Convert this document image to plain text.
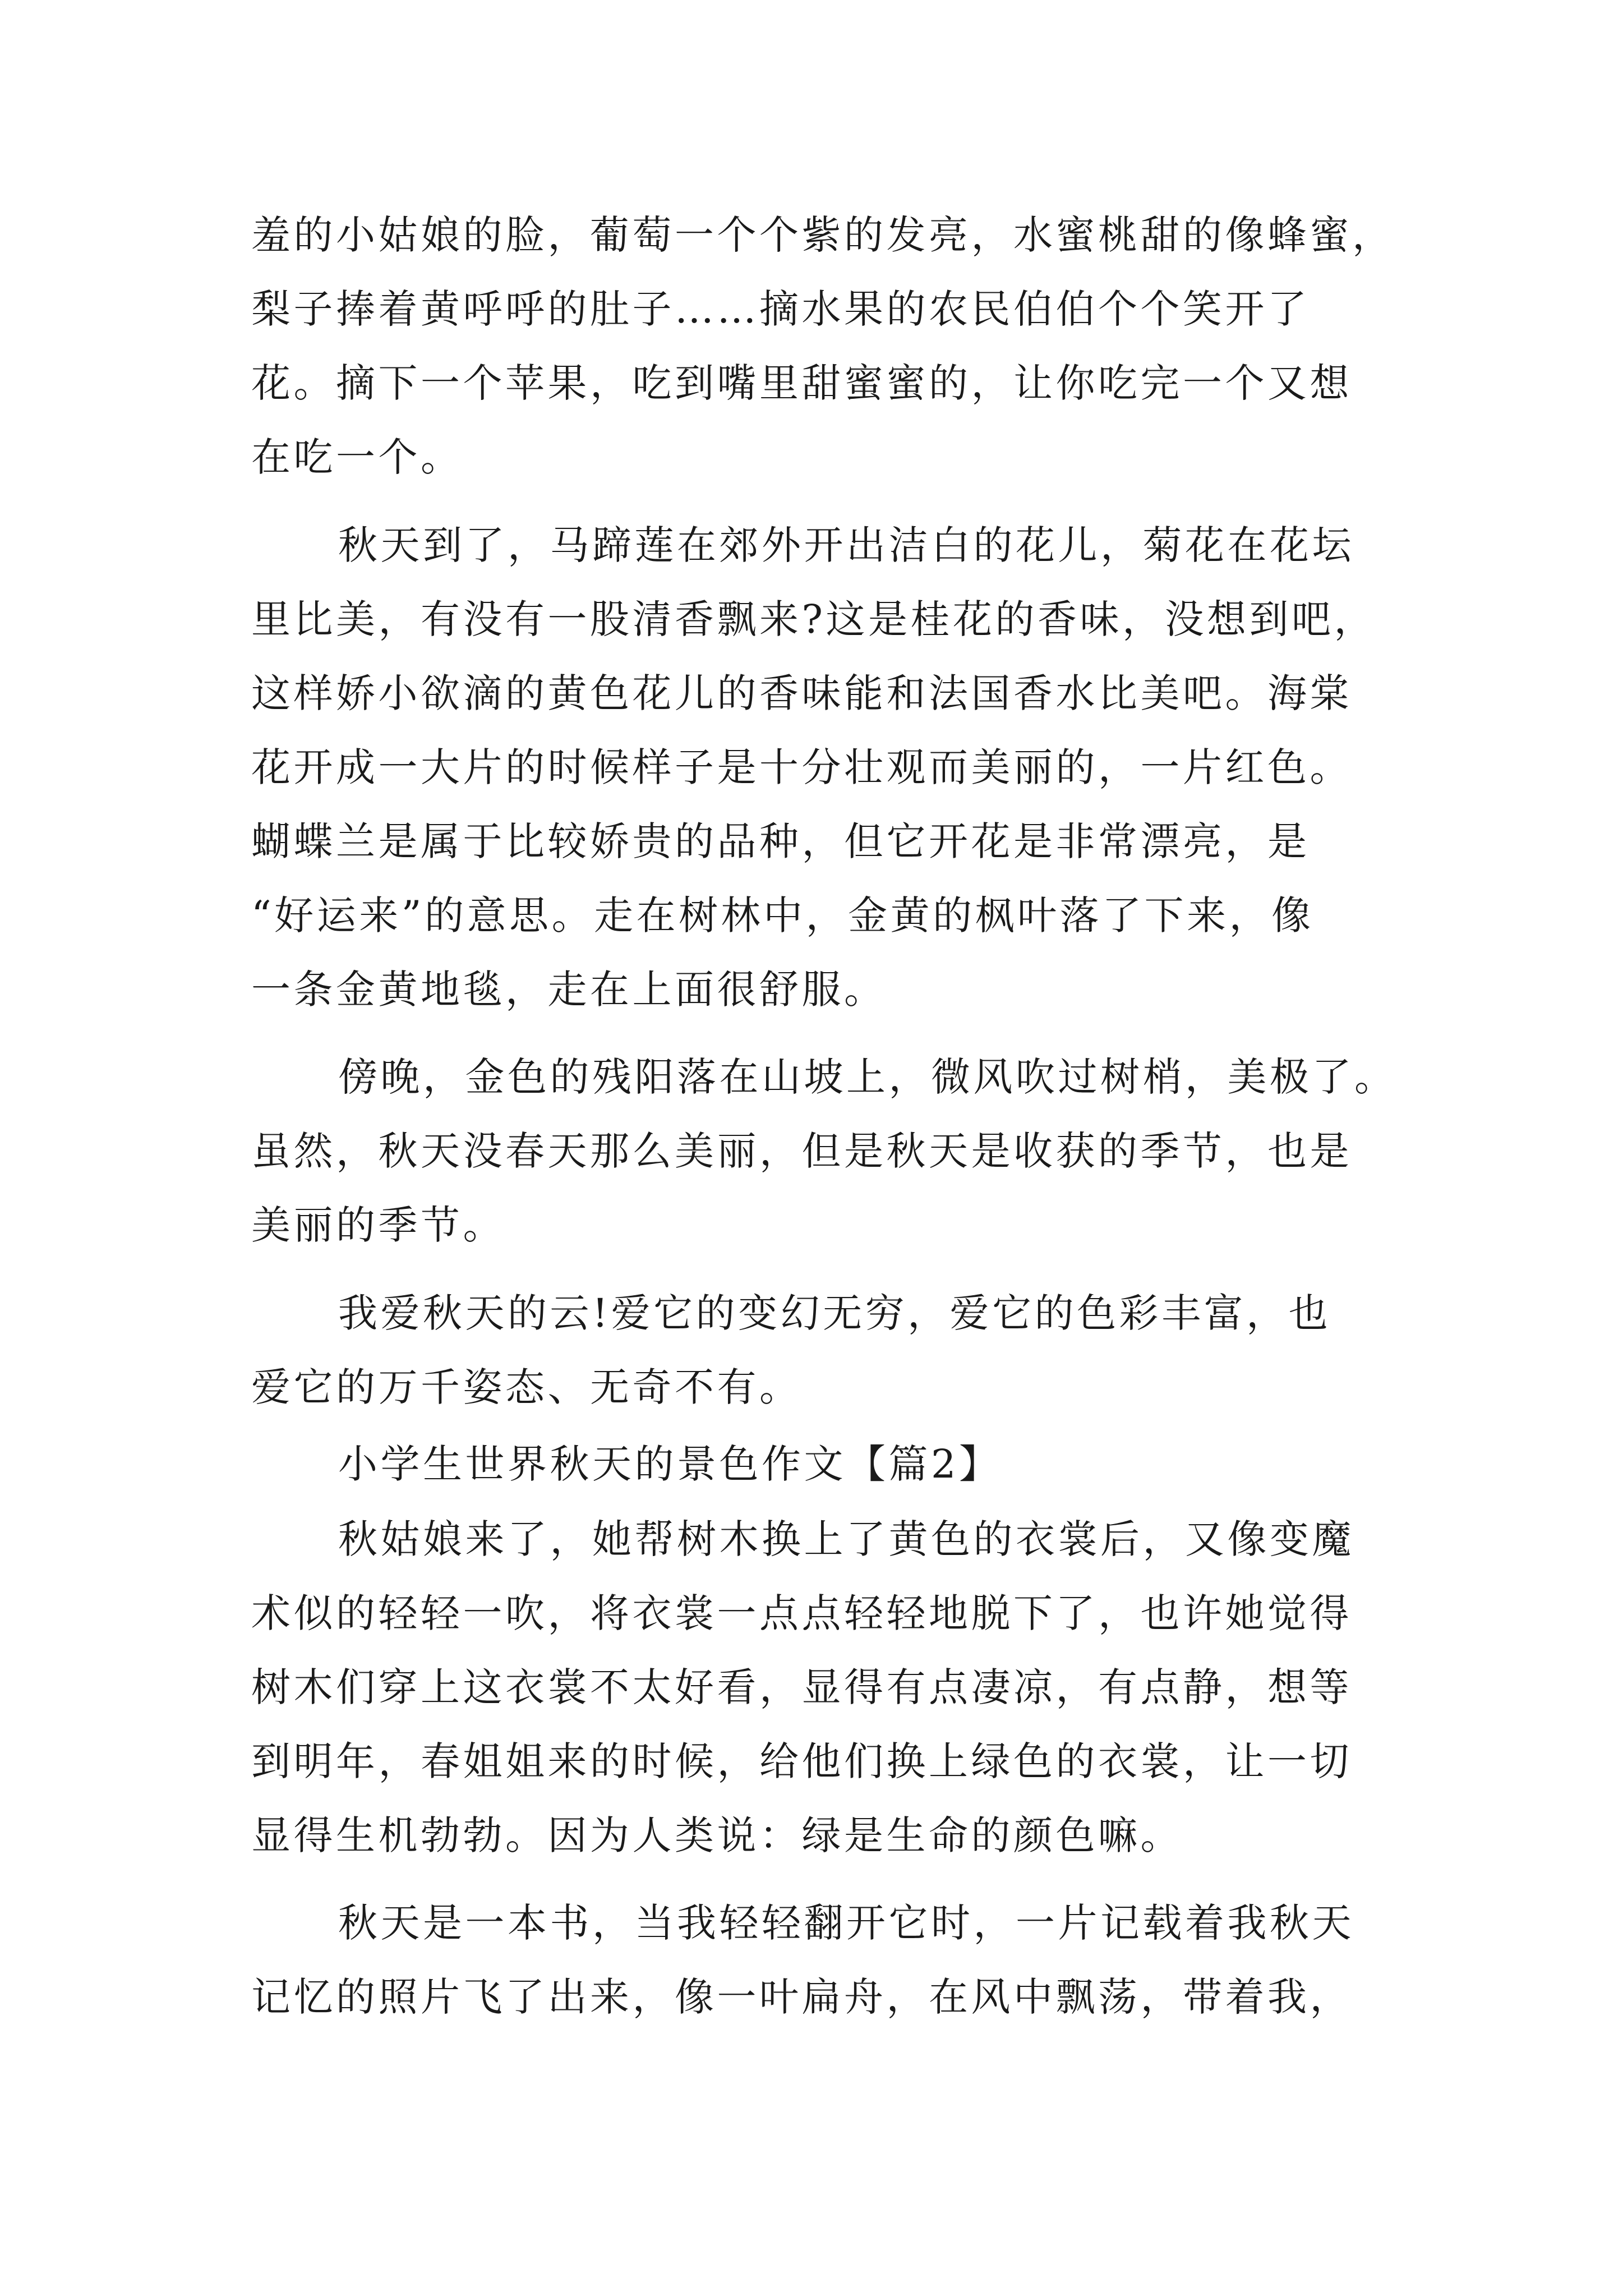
羞的小姑娘的脸，葡萄一个个紫的发亮，水蜜桃甜的像蜂蜜，
梨子捧着黄呼呼的肚子……摘水果的农民伯伯个个笑开了
花。摘下一个苹果，吃到嘴里甜蜜蜜的，让你吃完一个又想
在吃一个。
秋天到了，马蹄莲在郊外开出洁白的花儿，菊花在花坛
里比美，有没有一股清香飘来?这是桂花的香味，没想到吧，
这样娇小欲滴的黄色花儿的香味能和法国香水比美吧。海棠
花开成一大片的时候样子是十分壮观而美丽的，一片红色。
蝴蝶兰是属于比较娇贵的品种，但它开花是非常漂亮，是
“好运来”的意思。走在树林中，金黄的枫叶落了下来，像
一条金黄地毯，走在上面很舒服。
傍晚，金色的残阳落在山坡上，微风吹过树梢，美极了。
虽然，秋天没春天那么美丽，但是秋天是收获的季节，也是
美丽的季节。
我爱秋天的云!爱它的变幻无穷，爱它的色彩丰富，也
爱它的万千姿态、无奇不有。
小学生世界秋天的景色作文【篇2】
秋姑娘来了，她帮树木换上了黄色的衣裳后，又像变魔
术似的轻轻一吹，将衣裳一点点轻轻地脱下了，也许她觉得
树木们穿上这衣裳不太好看，显得有点凄凉，有点静，想等
到明年，春姐姐来的时候，给他们换上绿色的衣裳，让一切
显得生机勃勃。因为人类说：绿是生命的颜色嘛。
秋天是一本书，当我轻轻翻开它时，一片记载着我秋天
记忆的照片飞了出来，像一叶扁舟，在风中飘荡，带着我，
